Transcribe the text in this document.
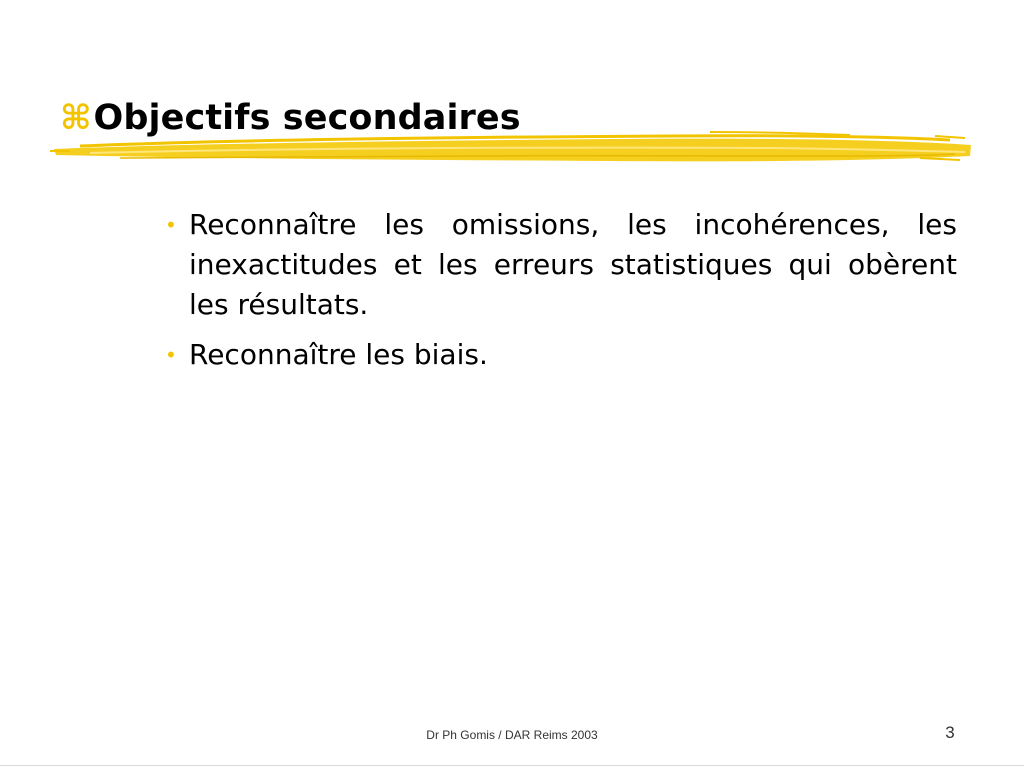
⌘ Objectifs secondaires
• Reconnaître les omissions, les incohérences, les inexactitudes et les erreurs statistiques qui obèrent les résultats.
• Reconnaître les biais.
Dr Ph Gomis / DAR Reims 2003	3
